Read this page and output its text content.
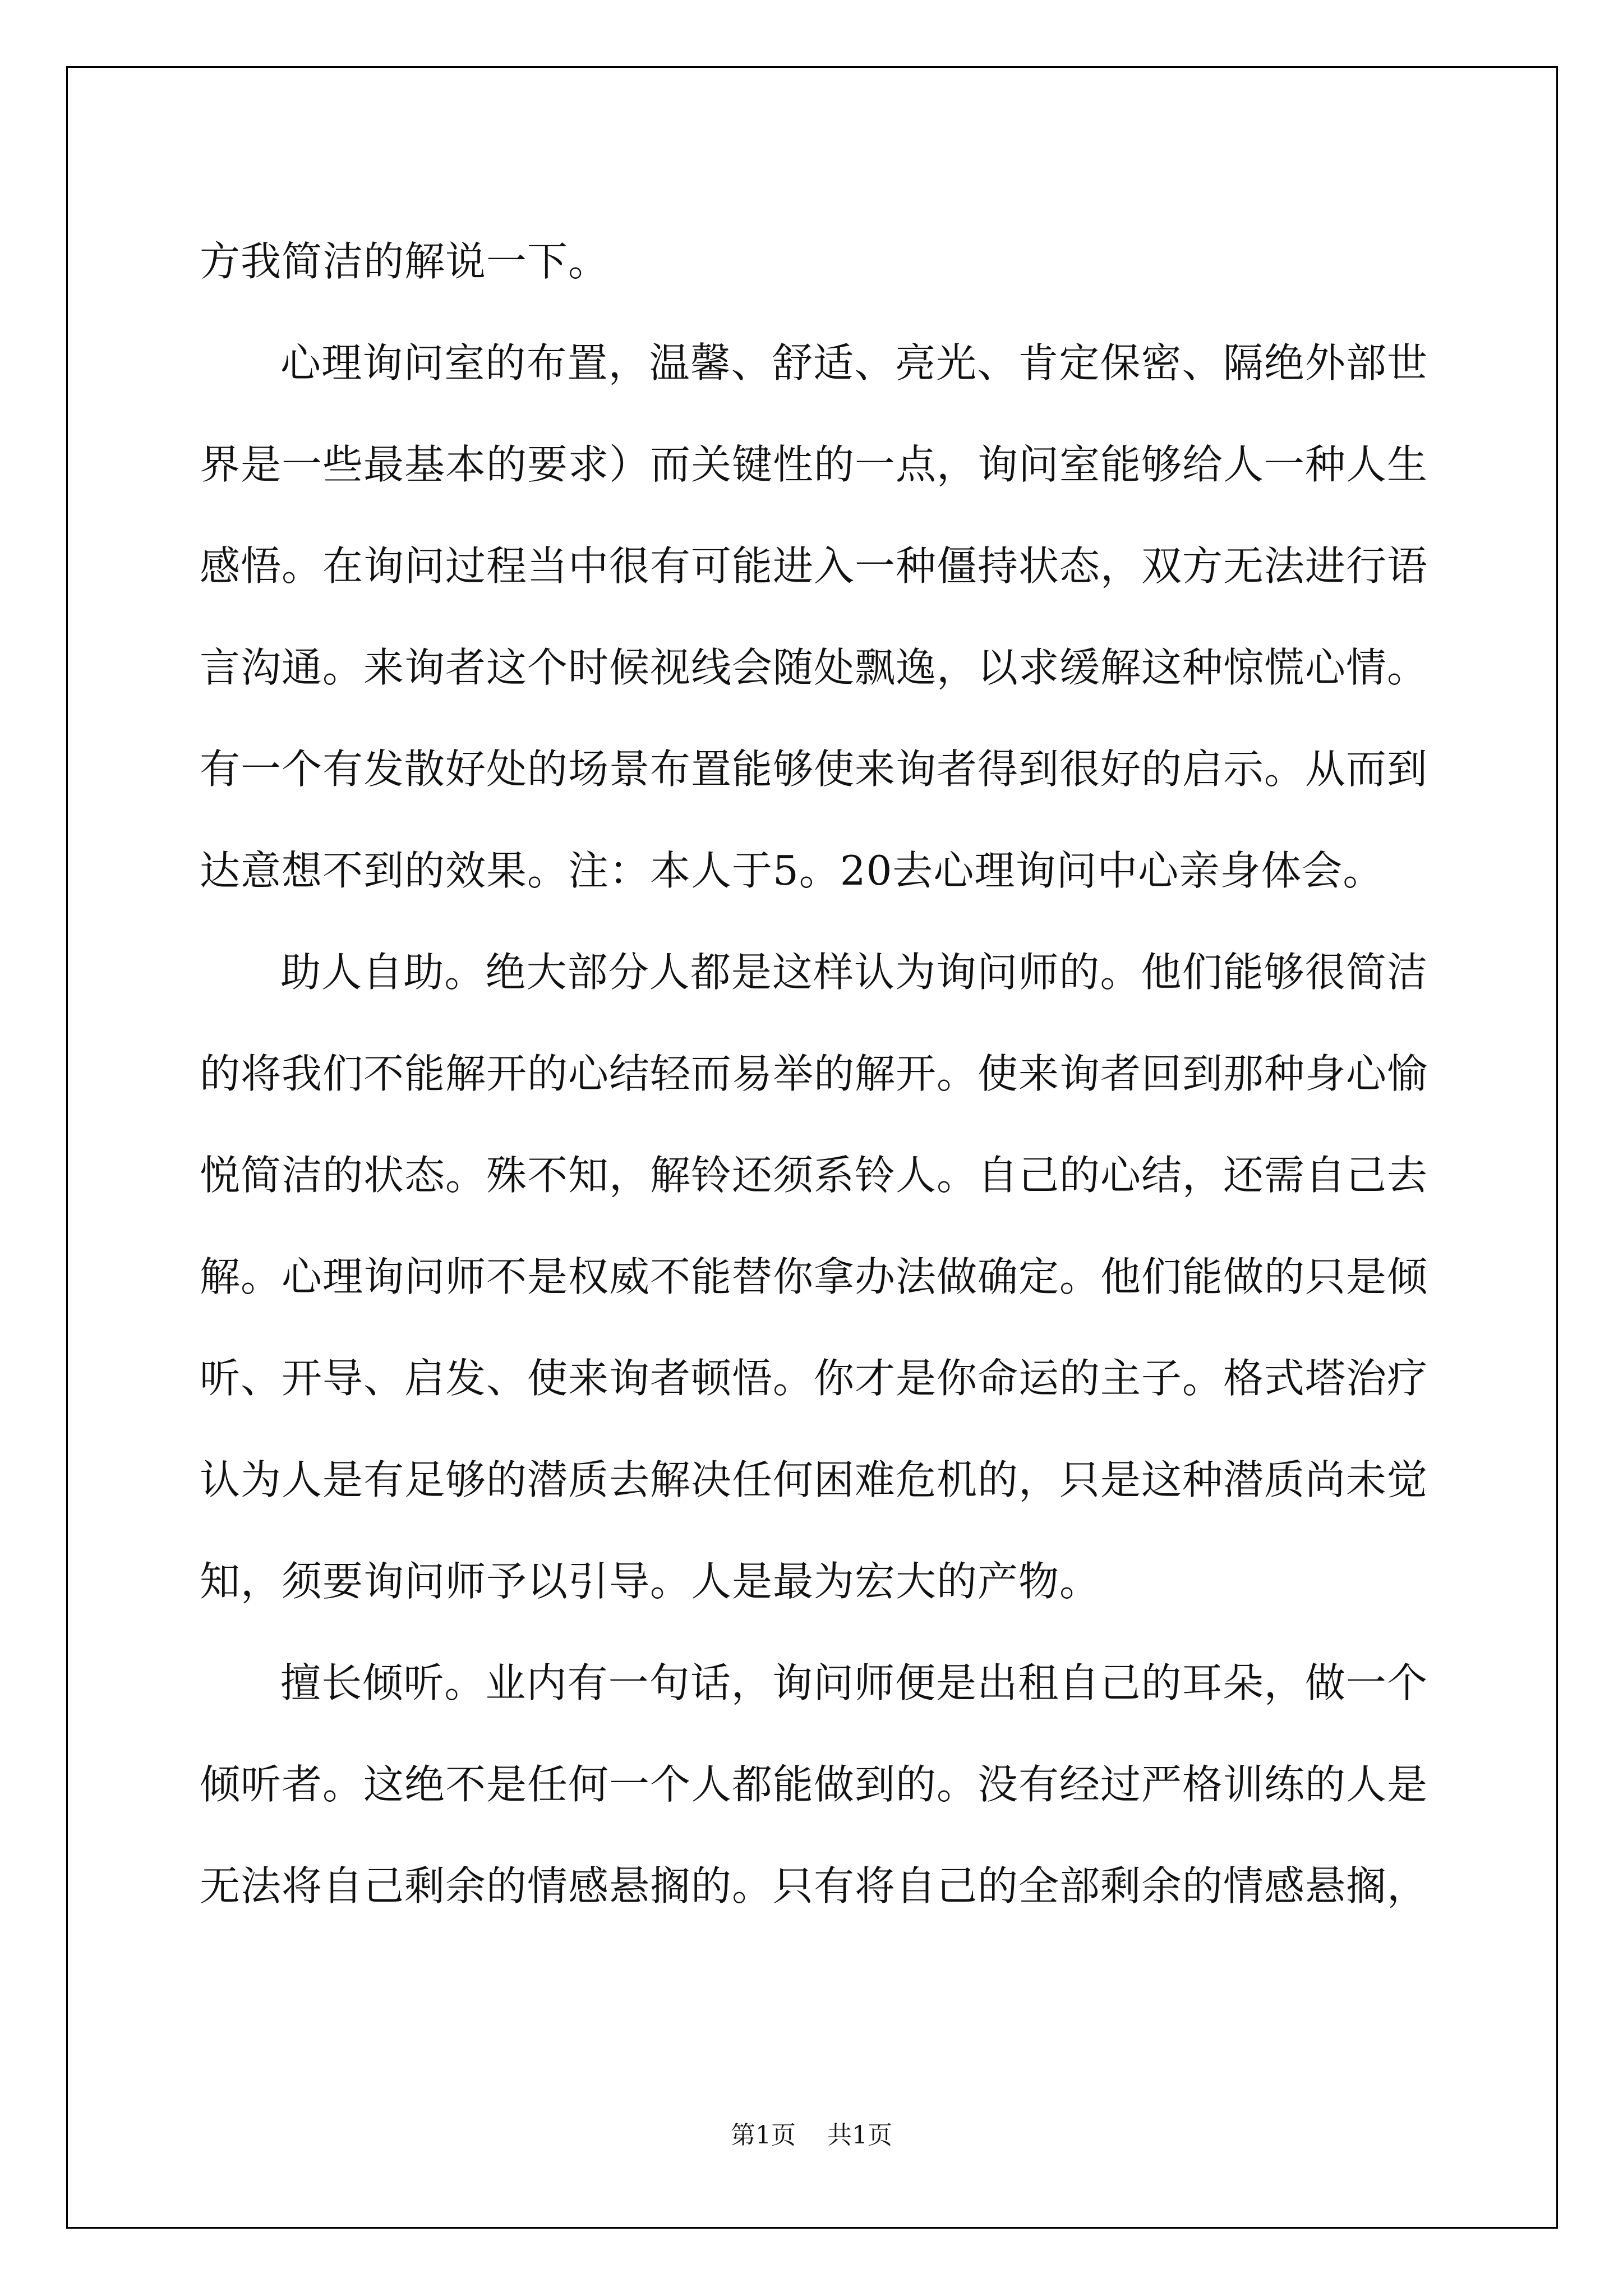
方我简洁的解说一下。

心理询问室的布置，温馨、舒适、亮光、肯定保密、隔绝外部世界是一些最基本的要求）而关键性的一点，询问室能够给人一种人生感悟。在询问过程当中很有可能进入一种僵持状态，双方无法进行语言沟通。来询者这个时候视线会随处飘逸，以求缓解这种惊慌心情。有一个有发散好处的场景布置能够使来询者得到很好的启示。从而到达意想不到的效果。注：本人于5。20去心理询问中心亲身体会。

助人自助。绝大部分人都是这样认为询问师的。他们能够很简洁的将我们不能解开的心结轻而易举的解开。使来询者回到那种身心愉悦简洁的状态。殊不知，解铃还须系铃人。自己的心结，还需自己去解。心理询问师不是权威不能替你拿办法做确定。他们能做的只是倾听、开导、启发、使来询者顿悟。你才是你命运的主子。格式塔治疗认为人是有足够的潜质去解决任何困难危机的，只是这种潜质尚未觉知，须要询问师予以引导。人是最为宏大的产物。

擅长倾听。业内有一句话，询问师便是出租自己的耳朵，做一个倾听者。这绝不是任何一个人都能做到的。没有经过严格训练的人是无法将自己剩余的情感悬搁的。只有将自己的全部剩余的情感悬搁，

第1页    共1页
